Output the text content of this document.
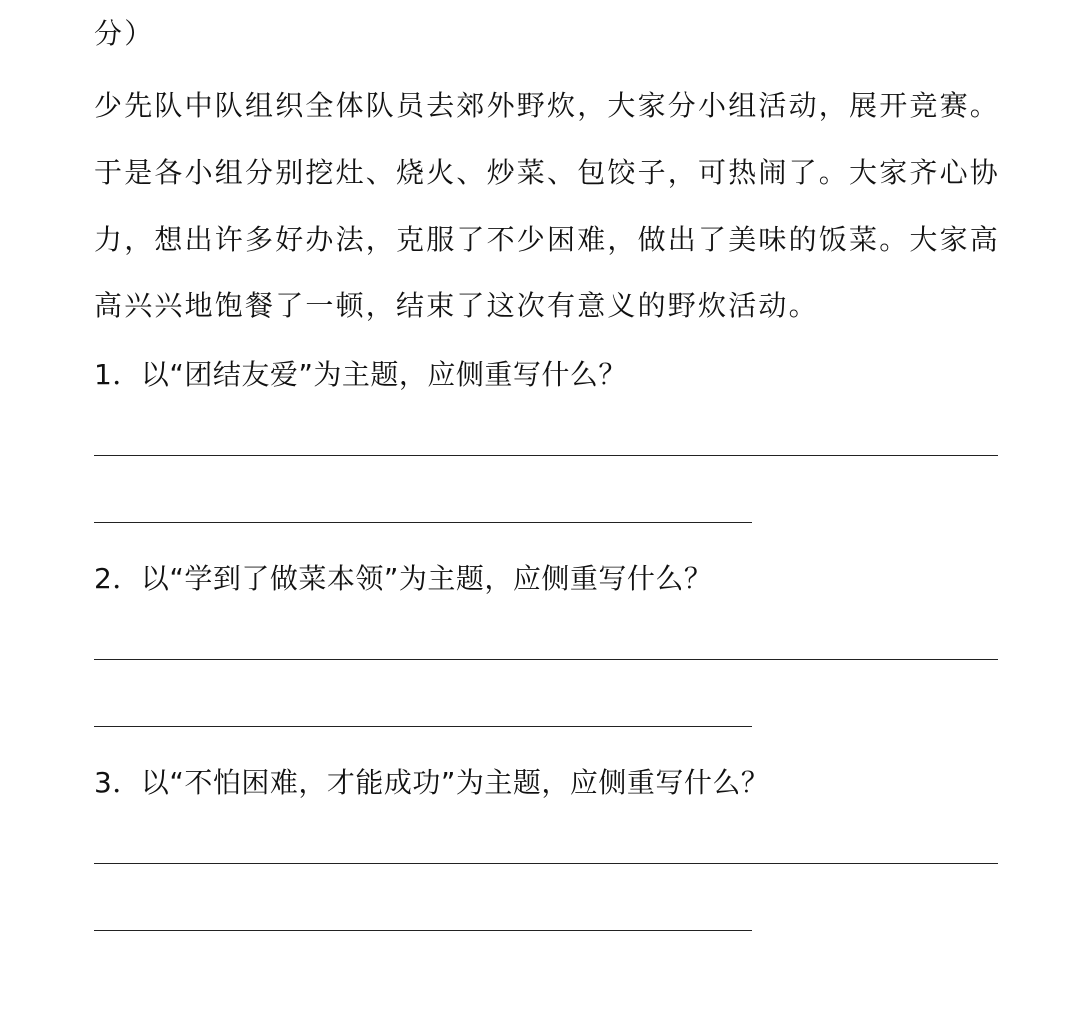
分）
少先队中队组织全体队员去郊外野炊，大家分小组活动，展开竞赛。
于是各小组分别挖灶、烧火、炒菜、包饺子，可热闹了。大家齐心协
力，想出许多好办法，克服了不少困难，做出了美味的饭菜。大家高
高兴兴地饱餐了一顿，结束了这次有意义的野炊活动。
1．以“团结友爱”为主题，应侧重写什么？
2．以“学到了做菜本领”为主题，应侧重写什么？
3．以“不怕困难，才能成功”为主题，应侧重写什么？
